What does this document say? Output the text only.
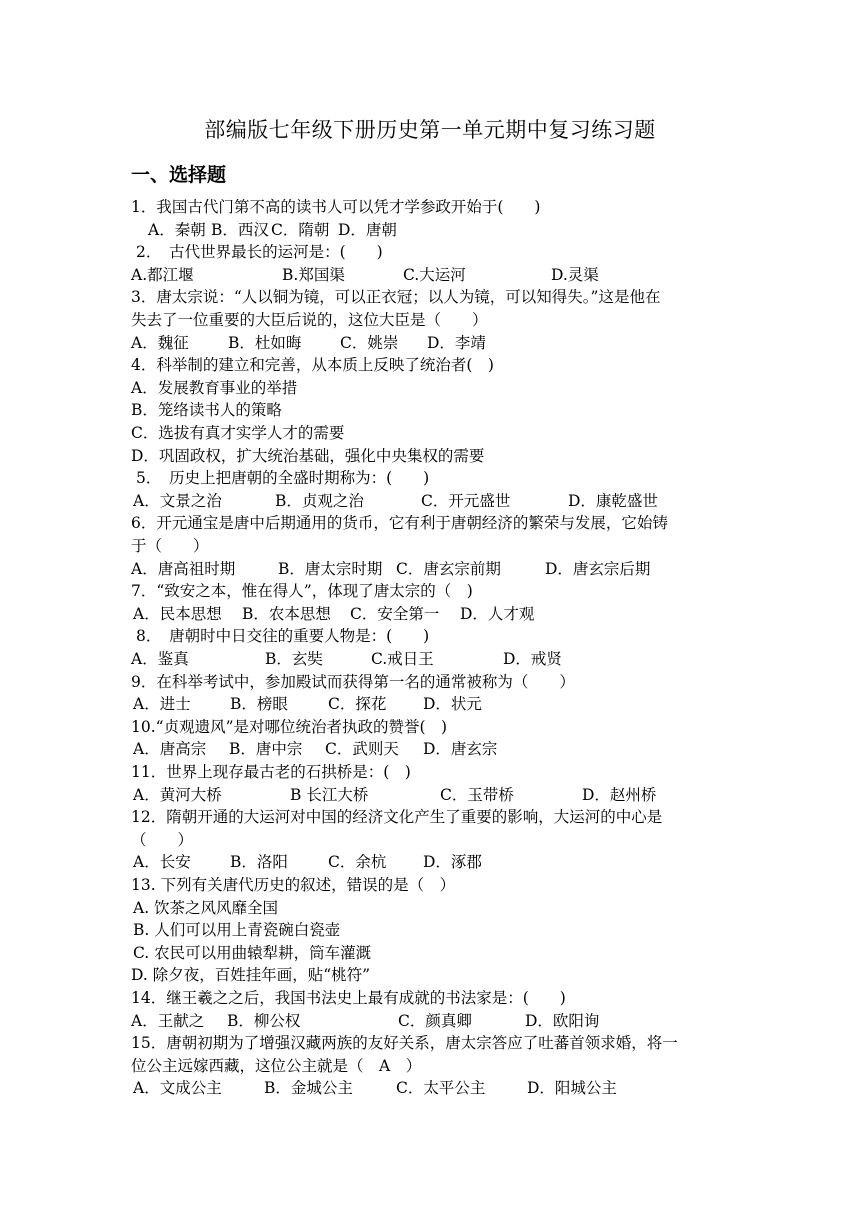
部编版七年级下册历史第一单元期中复习练习题
一、选择题
1．我国古代门第不高的读书人可以凭才学参政开始于(　　)
A．秦朝 B．西汉 C．隋朝 D．唐朝
2．　古代世界最长的运河是：(　　)
A.都江堰	B.郑国渠	C.大运河	D.灵渠
3．唐太宗说：“人以铜为镜，可以正衣冠；以人为镜，可以知得失。”这是他在
失去了一位重要的大臣后说的，这位大臣是（　　）
A．魏征	B．杜如晦 C．姚崇 D．李靖
4．科举制的建立和完善，从本质上反映了统治者(　)
A．发展教育事业的举措
B．笼络读书人的策略
C．选拔有真才实学人才的需要
D．巩固政权，扩大统治基础，强化中央集权的需要
5．　历史上把唐朝的全盛时期称为：(　　)
A．文景之治	B．贞观之治	C．开元盛世	D．康乾盛世
6．开元通宝是唐中后期通用的货币，它有利于唐朝经济的繁荣与发展，它始铸
于（　　）
A．唐高祖时期	B．唐太宗时期 C．唐玄宗前期	D．唐玄宗后期
7．“致安之本，惟在得人”，体现了唐太宗的（　)
A．民本思想 B．农本思想 C．安全第一 D．人才观
8．　唐朝时中日交往的重要人物是：(　　)
A．鉴真	B．玄奘	C.戒日王	D．戒贤
9．在科举考试中，参加殿试而获得第一名的通常被称为（　　）
A．进士	B．榜眼	C．探花 D．状元
10.“贞观遗风”是对哪位统治者执政的赞誉(　)
A．唐高宗 B．唐中宗 C．武则天 D．唐玄宗
11．世界上现存最古老的石拱桥是：(　)
A．黄河大桥	B 长江大桥	C．玉带桥	D．赵州桥
12．隋朝开通的大运河对中国的经济文化产生了重要的影响，大运河的中心是
（　　）
A．长安	B．洛阳	C．余杭 D．涿郡
13. 下列有关唐代历史的叙述，错误的是（　）
A. 饮茶之风风靡全国
B. 人们可以用上青瓷碗白瓷壶
C. 农民可以用曲辕犁耕，筒车灌溉
D. 除夕夜，百姓挂年画，贴“桃符”
14．继王羲之之后，我国书法史上最有成就的书法家是：(　　)
A．王献之 B．柳公权	C．颜真卿	D．欧阳询
15．唐朝初期为了增强汉藏两族的友好关系，唐太宗答应了吐蕃首领求婚，将一
位公主远嫁西藏，这位公主就是（　A　）
A．文成公主	B．金城公主	C．太平公主	D．阳城公主
